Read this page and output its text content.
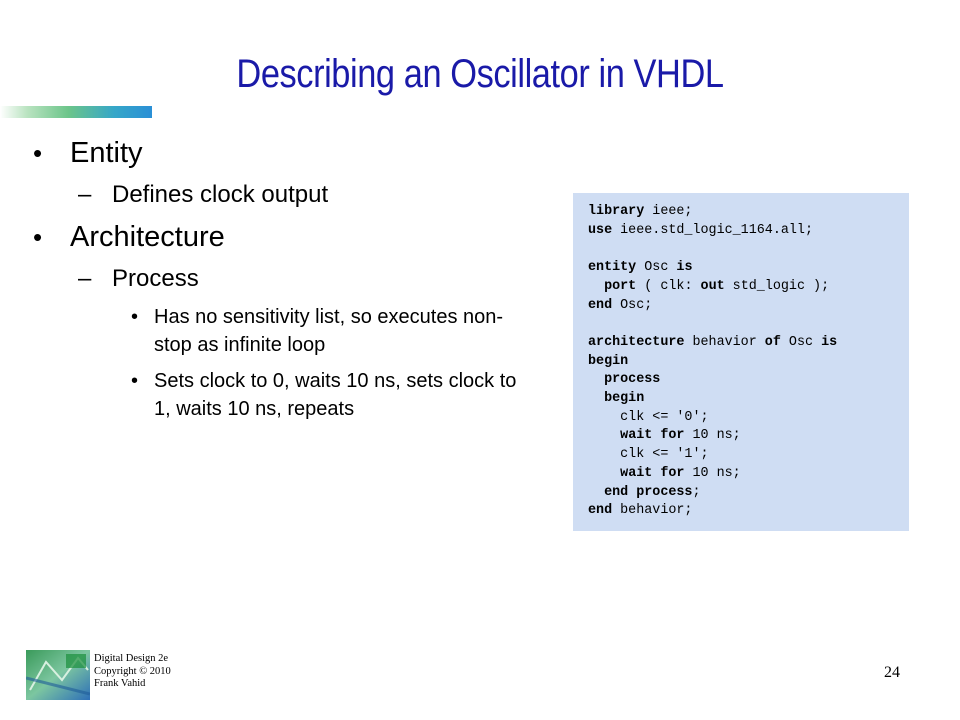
Describing an Oscillator in VHDL
• Entity
– Defines clock output
• Architecture
– Process
• Has no sensitivity list, so executes non-stop as infinite loop
• Sets clock to 0, waits 10 ns, sets clock to 1, waits 10 ns, repeats
library ieee;
use ieee.std_logic_1164.all;

entity Osc is
port ( clk: out std_logic );
end Osc;

architecture behavior of Osc is
begin
process
begin
clk <= '0';
wait for 10 ns;
clk <= '1';
wait for 10 ns;
end process;
end behavior;
Digital Design 2e
Copyright © 2010
Frank Vahid
24
